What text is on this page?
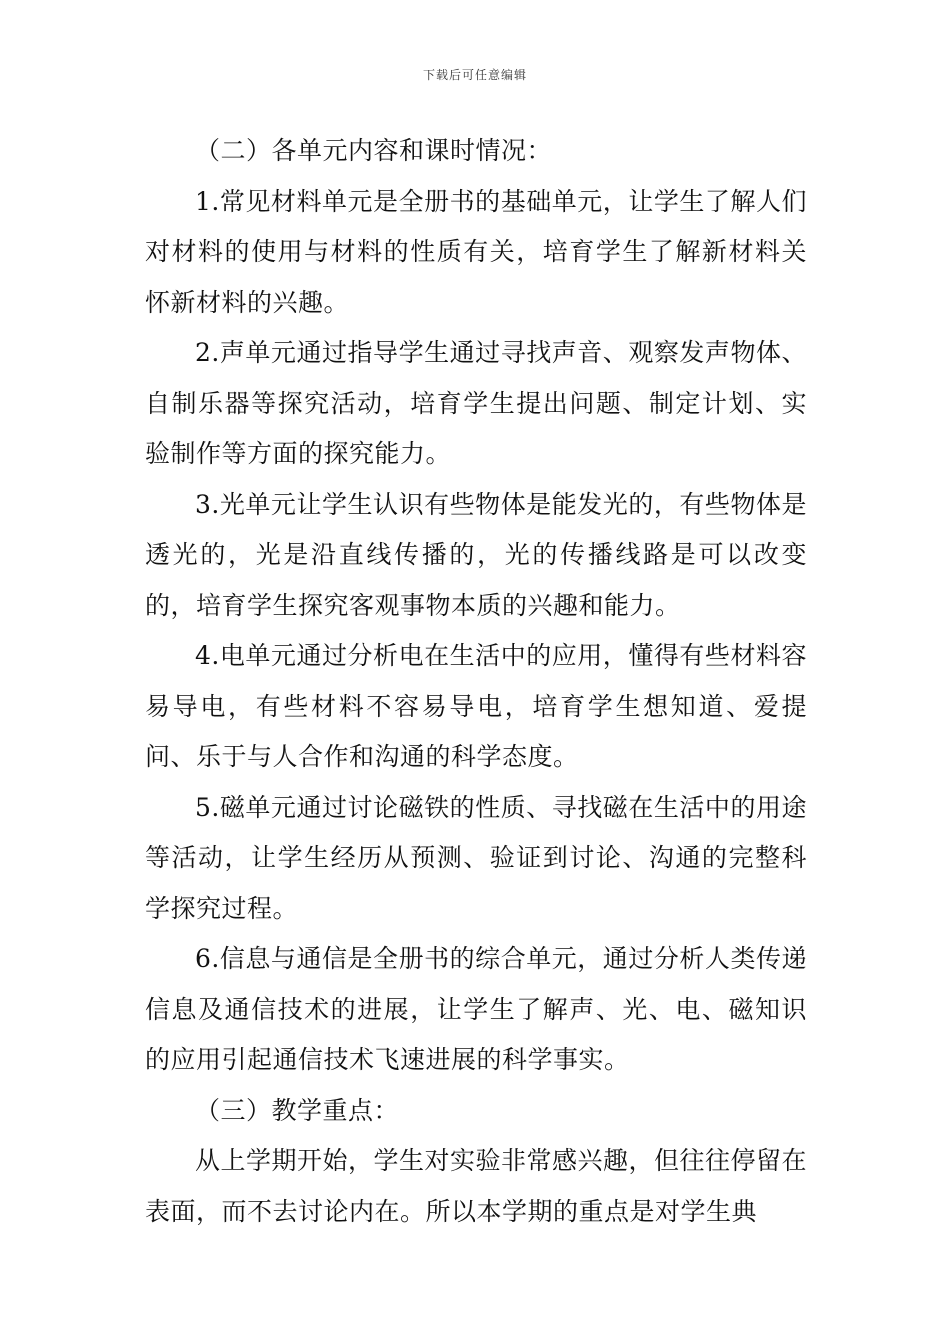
下载后可任意编辑

（二）各单元内容和课时情况：

1.常见材料单元是全册书的基础单元，让学生了解人们对材料的使用与材料的性质有关，培育学生了解新材料关怀新材料的兴趣。

2.声单元通过指导学生通过寻找声音、观察发声物体、自制乐器等探究活动，培育学生提出问题、制定计划、实验制作等方面的探究能力。

3.光单元让学生认识有些物体是能发光的，有些物体是透光的，光是沿直线传播的，光的传播线路是可以改变的，培育学生探究客观事物本质的兴趣和能力。

4.电单元通过分析电在生活中的应用，懂得有些材料容易导电，有些材料不容易导电，培育学生想知道、爱提问、乐于与人合作和沟通的科学态度。

5.磁单元通过讨论磁铁的性质、寻找磁在生活中的用途等活动，让学生经历从预测、验证到讨论、沟通的完整科学探究过程。

6.信息与通信是全册书的综合单元，通过分析人类传递信息及通信技术的进展，让学生了解声、光、电、磁知识的应用引起通信技术飞速进展的科学事实。

（三）教学重点：

从上学期开始，学生对实验非常感兴趣，但往往停留在表面，而不去讨论内在。所以本学期的重点是对学生典
